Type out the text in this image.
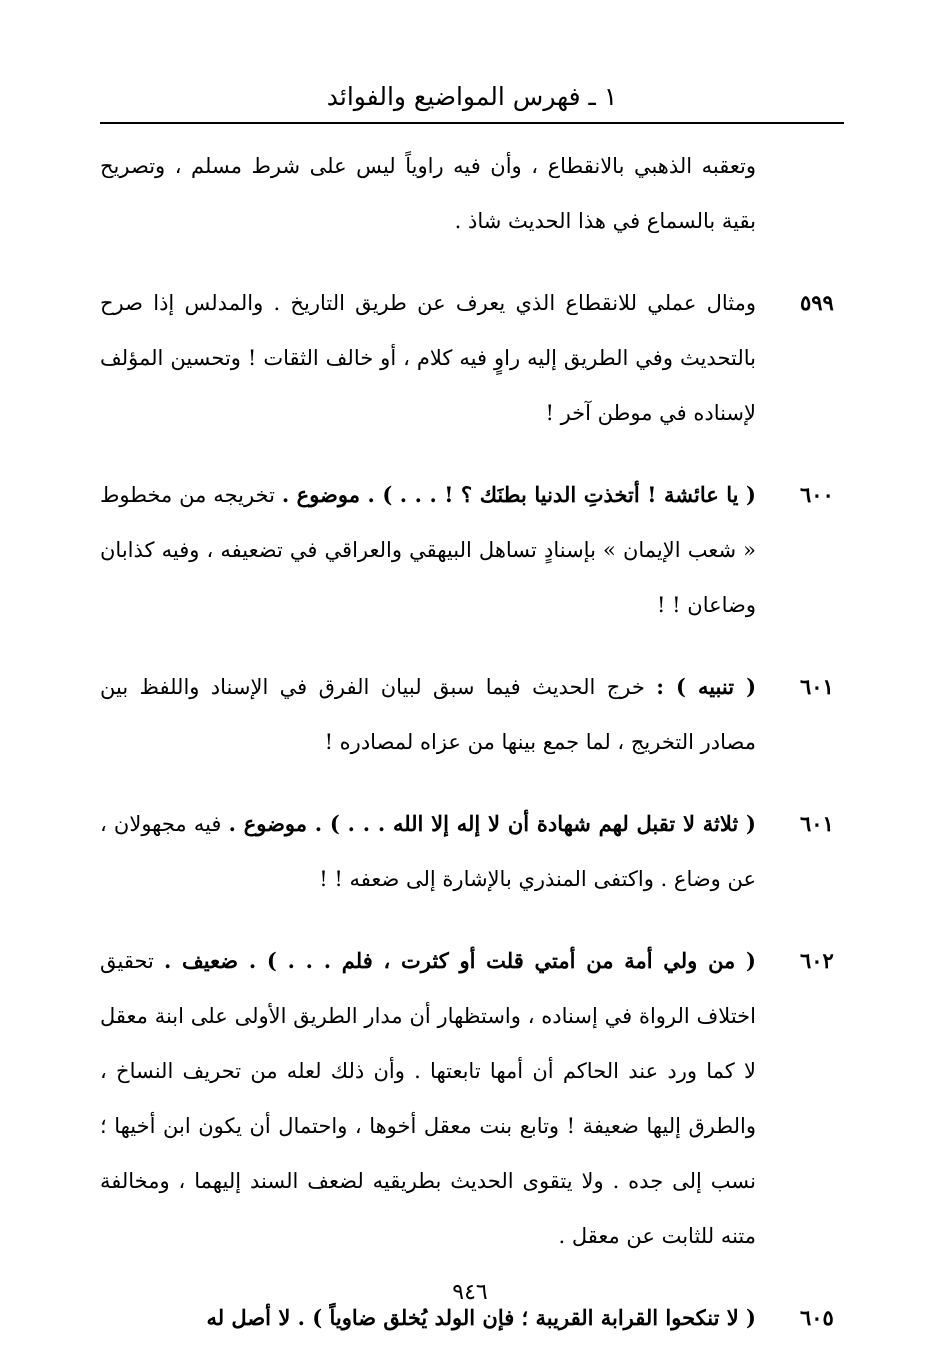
١ ـ فهرس المواضيع والفوائد
وتعقبه الذهبي بالانقطاع ، وأن فيه راوياً ليس على شرط مسلم ، وتصريح بقية بالسماع في هذا الحديث شاذ .
٥٩٩
ومثال عملي للانقطاع الذي يعرف عن طريق التاريخ . والمدلس إذا صرح بالتحديث وفي الطريق إليه راوٍ فيه كلام ، أو خالف الثقات ! وتحسين المؤلف لإسناده في موطن آخر !
٦٠٠
( يا عائشة ! أتخذتِ الدنيا بطنَك ؟ ! . . . ) . موضوع . تخريجه من مخطوط « شعب الإيمان » بإسنادٍ تساهل البيهقي والعراقي في تضعيفه ، وفيه كذابان وضاعان ! !
٦٠١
( تنبيه ) : خرج الحديث فيما سبق لبيان الفرق في الإسناد واللفظ بين مصادر التخريج ، لما جمع بينها من عزاه لمصادره !
٦٠١
( ثلاثة لا تقبل لهم شهادة أن لا إله إلا الله . . . ) . موضوع . فيه مجهولان ، عن وضاع . واكتفى المنذري بالإشارة إلى ضعفه ! !
٦٠٢
( من ولي أمة من أمتي قلت أو كثرت ، فلم . . . ) . ضعيف . تحقيق اختلاف الرواة في إسناده ، واستظهار أن مدار الطريق الأولى على ابنة معقل لا كما ورد عند الحاكم أن أمها تابعتها . وأن ذلك لعله من تحريف النساخ ، والطرق إليها ضعيفة ! وتابع بنت معقل أخوها ، واحتمال أن يكون ابن أخيها ؛ نسب إلى جده . ولا يتقوى الحديث بطريقيه لضعف السند إليهما ، ومخالفة متنه للثابت عن معقل .
٦٠٥
( لا تنكحوا القرابة القريبة ؛ فإن الولد يُخلق ضاوياً ) . لا أصل له
٩٤٦
